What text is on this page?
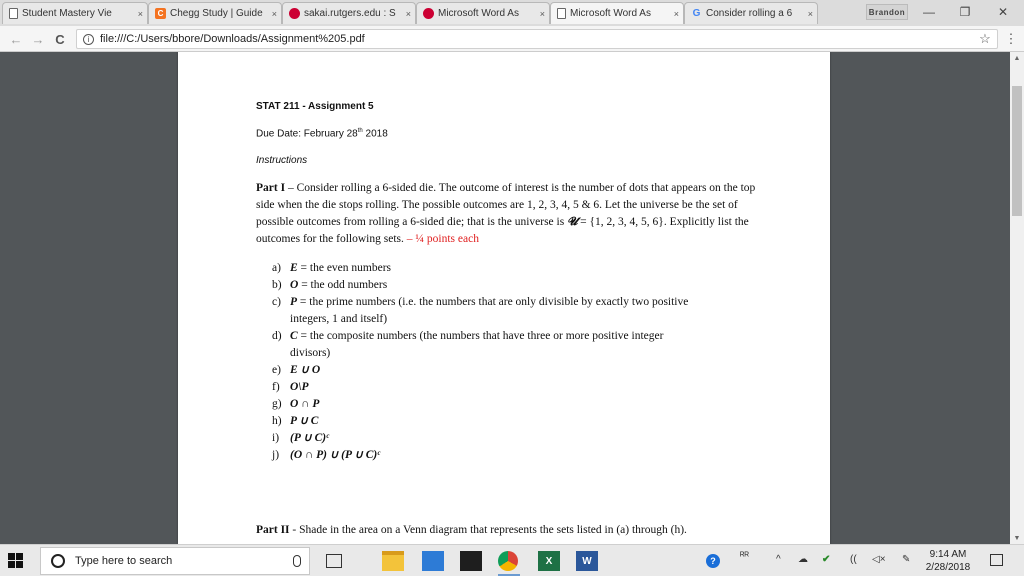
Student Mastery Vie	×	C Chegg Study | Guide	×	sakai.rutgers.edu : S	×	Microsoft Word As	×	Microsoft Word As	× G Consider rolling a 6	×	Brandon	—	❐	✕
← → C	i file:///C:/Users/bbore/Downloads/Assignment%205.pdf	☆ ⋮
STAT 211 - Assignment 5
Due Date: February 28th 2018
Instructions
Part I – Consider rolling a 6-sided die. The outcome of interest is the number of dots that appears on the top side when the die stops rolling. The possible outcomes are 1, 2, 3, 4, 5 & 6. Let the universe be the set of possible outcomes from rolling a 6-sided die; that is the universe is 𝓤 = {1, 2, 3, 4, 5, 6}. Explicitly list the outcomes for the following sets. – ¼ points each
a) E = the even numbers
b) O = the odd numbers
c) P = the prime numbers (i.e. the numbers that are only divisible by exactly two positive
integers, 1 and itself)
d) C = the composite numbers (the numbers that have three or more positive integer
divisors)
e) E ∪ O
f) O\P
g) O ∩ P
h) P ∪ C
i) (P ∪ C)ᶜ
j) (O ∩ P) ∪ (P ∪ C)ᶜ
Part II - Shade in the area on a Venn diagram that represents the sets listed in (a) through (h).
▲
▼
Type here to search	X	W	?	ᴿᴿ	^ ☁ ✔ (( ◁× ✎	9:14 AM
2/28/2018
